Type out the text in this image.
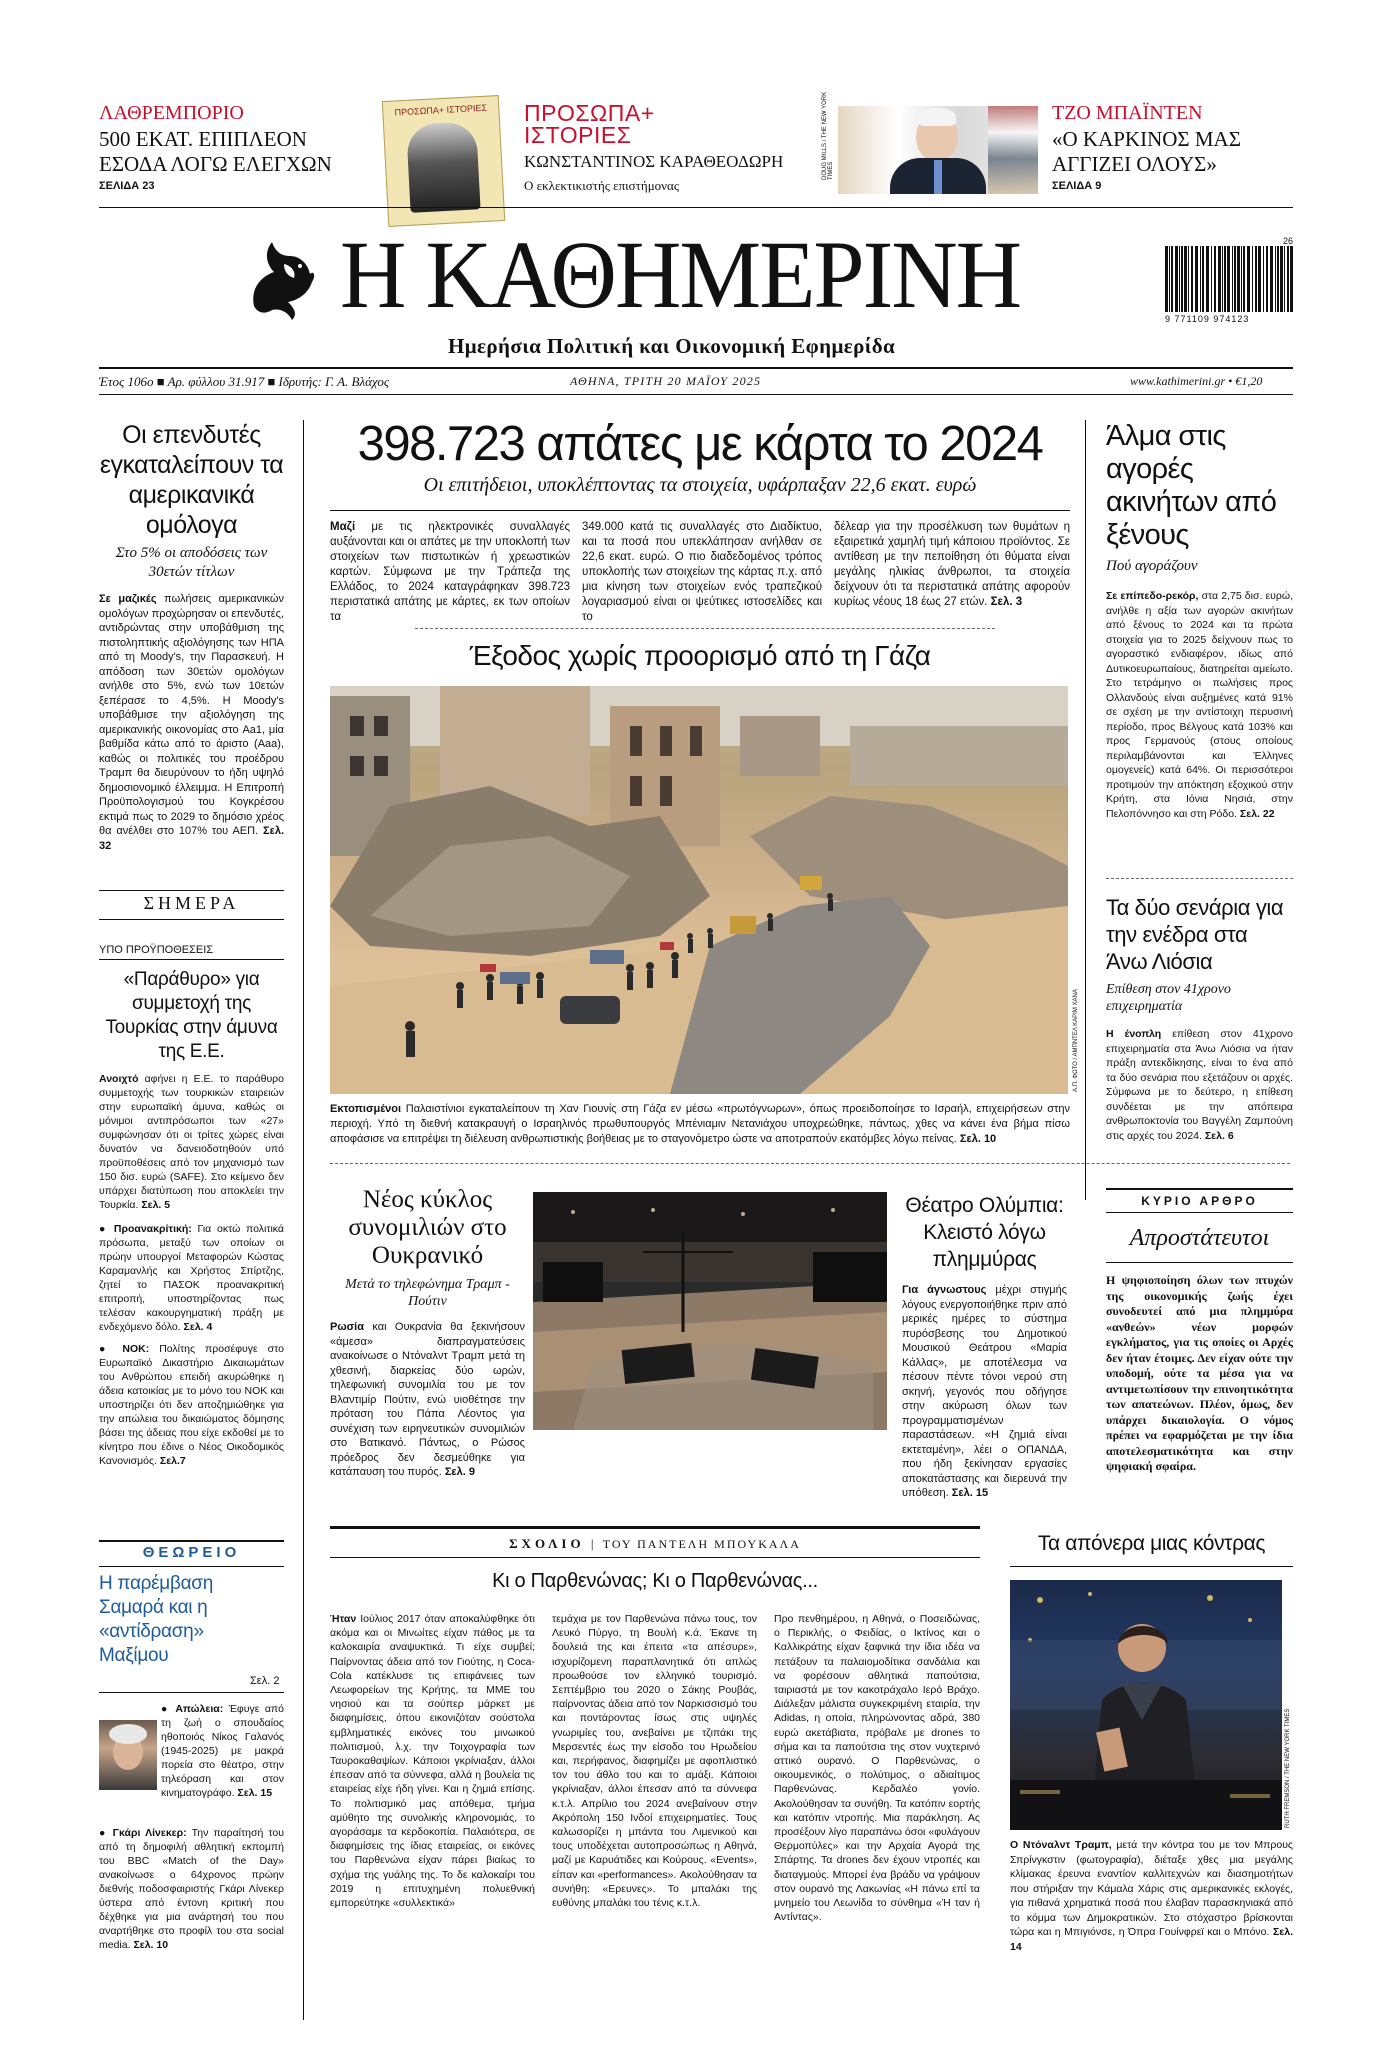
ΛΑΘΡΕΜΠΟΡΙΟ
500 ΕΚΑΤ. ΕΠΙΠΛΕΟΝ ΕΣΟΔΑ ΛΟΓΩ ΕΛΕΓΧΩΝ
ΣΕΛΙΔΑ 23
ΠΡΟΣΩΠΑ+ ΙΣΤΟΡΙΕΣ	ΠΡΟΣΩΠΑ+
ΙΣΤΟΡΙΕΣ
ΚΩΝΣΤΑΝΤΙΝΟΣ ΚΑΡΑΘΕΟΔΩΡΗ
Ο εκλεκτικιστής επιστήμονας
DOUG MILLS / THE NEW YORK TIMES
ΤΖΟ ΜΠΑΪΝΤΕΝ
«Ο ΚΑΡΚΙΝΟΣ ΜΑΣ ΑΓΓΙΖΕΙ ΟΛΟΥΣ»
ΣΕΛΙΔΑ 9
Η ΚΑΘΗΜΕΡΙΝΗ
Ημερήσια Πολιτική και Οικονομική Εφημερίδα
26
9 771109 974123
Έτος 106ο ■ Αρ. φύλλου 31.917 ■ Ιδρυτής: Γ. Α. Βλάχος	ΑΘΗΝΑ, ΤΡΙΤΗ 20 ΜΑΪΟΥ 2025	www.kathimerini.gr • €1,20
Οι επενδυτές εγκαταλείπουν τα αμερικανικά ομόλογα
Στο 5% οι αποδόσεις των 30ετών τίτλων
Σε μαζικές πωλήσεις αμερικανικών ομολόγων προχώρησαν οι επενδυτές, αντιδρώντας στην υποβάθμιση της πιστοληπτικής αξιολόγησης των ΗΠΑ από τη Moody's, την Παρασκευή. Η απόδοση των 30ετών ομολόγων ανήλθε στο 5%, ενώ των 10ετών ξεπέρασε το 4,5%. Η Moody's υποβάθμισε την αξιολόγηση της αμερικανικής οικονομίας στο Aa1, μία βαθμίδα κάτω από το άριστο (Aaa), καθώς οι πολιτικές του προέδρου Τραμπ θα διευρύνουν το ήδη υψηλό δημοσιονομικό έλλειμμα. Η Επιτροπή Προϋπολογισμού του Κογκρέσου εκτιμά πως το 2029 το δημόσιο χρέος θα ανέλθει στο 107% του ΑΕΠ. Σελ. 32
ΣΗΜΕΡΑ
ΥΠΟ ΠΡΟΫΠΟΘΕΣΕΙΣ
«Παράθυρο» για συμμετοχή της Τουρκίας στην άμυνα της Ε.Ε.
Ανοιχτό αφήνει η Ε.Ε. το παράθυρο συμμετοχής των τουρκικών εταιρειών στην ευρωπαϊκή άμυνα, καθώς οι μόνιμοι αντιπρόσωποι των «27» συμφώνησαν ότι οι τρίτες χώρες είναι δυνατόν να δανειοδοτηθούν υπό προϋποθέσεις από τον μηχανισμό των 150 δισ. ευρώ (SAFE). Στο κείμενο δεν υπάρχει διατύπωση που αποκλείει την Τουρκία. Σελ. 5
● Προανακρίτική: Για οκτώ πολιτικά πρόσωπα, μεταξύ των οποίων οι πρώην υπουργοί Μεταφορών Κώστας Καραμανλής και Χρήστος Σπίρτζης, ζητεί το ΠΑΣΟΚ προανακριτική επιτροπή, υποστηρίζοντας πως τελέσαν κακουργηματική πράξη με ενδεχόμενο δόλο. Σελ. 4
● ΝΟΚ: Πολίτης προσέφυγε στο Ευρωπαϊκό Δικαστήριο Δικαιωμάτων του Ανθρώπου επειδή ακυρώθηκε η άδεια κατοικίας με το μόνο του ΝΟΚ και υποστηρίζει ότι δεν αποζημιώθηκε για την απώλεια του δικαιώματος δόμησης βάσει της άδειας που είχε εκδοθεί με το κίνητρο που έδινε ο Νέος Οικοδομικός Κανονισμός. Σελ.7
ΘΕΩΡΕΙΟ
Η παρέμβαση Σαμαρά και η «αντίδραση» Μαξίμου
Σελ. 2
● Απώλεια: Έφυγε από τη ζωή ο σπουδαίος ηθοποιός Νίκος Γαλανός (1945-2025) με μακρά πορεία στο θέατρο, στην τηλεόραση και στον κινηματογράφο. Σελ. 15
● Γκάρι Λίνεκερ: Την παραίτησή του από τη δημοφιλή αθλητική εκπομπή του BBC «Match of the Day» ανακοίνωσε ο 64χρονος πρώην διεθνής ποδοσφαιριστής Γκάρι Λίνεκερ ύστερα από έντονη κριτική που δέχθηκε για μια ανάρτησή του που αναρτήθηκε στο προφίλ του στα social media. Σελ. 10
398.723 απάτες με κάρτα το 2024
Οι επιτήδειοι, υποκλέπτοντας τα στοιχεία, υφάρπαξαν 22,6 εκατ. ευρώ
Μαζί με τις ηλεκτρονικές συναλλαγές αυξάνονται και οι απάτες με την υποκλοπή των στοιχείων των πιστωτικών ή χρεωστικών καρτών. Σύμφωνα με την Τράπεζα της Ελλάδος, το 2024 καταγράφηκαν 398.723 περιστατικά απάτης με κάρτες, εκ των οποίων τα
349.000 κατά τις συναλλαγές στο Διαδίκτυο, και τα ποσά που υπεκλάπησαν ανήλθαν σε 22,6 εκατ. ευρώ. Ο πιο διαδεδομένος τρόπος υποκλοπής των στοιχείων της κάρτας π.χ. από μια κίνηση των στοιχείων ενός τραπεζικού λογαριασμού είναι οι ψεύτικες ιστοσελίδες και το
δέλεαρ για την προσέλκυση των θυμάτων η εξαιρετικά χαμηλή τιμή κάποιου προϊόντος. Σε αντίθεση με την πεποίθηση ότι θύματα είναι μεγάλης ηλικίας άνθρωποι, τα στοιχεία δείχνουν ότι τα περιστατικά απάτης αφορούν κυρίως νέους 18 έως 27 ετών. Σελ. 3
Έξοδος χωρίς προορισμό από τη Γάζα
Α.Π. ΦΩΤΟ / ΑΜΠΝΤΕΛ ΚΑΡΙΜ ΧΑΝΑ
Εκτοπισμένοι Παλαιστίνιοι εγκαταλείπουν τη Χαν Γιουνίς στη Γάζα εν μέσω «πρωτόγνωρων», όπως προειδοποίησε το Ισραήλ, επιχειρήσεων στην περιοχή. Υπό τη διεθνή κατακραυγή ο Ισραηλινός πρωθυπουργός Μπένιαμιν Νετανιάχου υποχρεώθηκε, πάντως, χθες να κάνει ένα βήμα πίσω αποφάσισε να επιτρέψει τη διέλευση ανθρωπιστικής βοήθειας με το σταγονόμετρο ώστε να αποτραπούν εκατόμβες λόγω πείνας. Σελ. 10
Άλμα στις αγορές ακινήτων από ξένους
Πού αγοράζουν
Σε επίπεδο-ρεκόρ, στα 2,75 δισ. ευρώ, ανήλθε η αξία των αγορών ακινήτων από ξένους το 2024 και τα πρώτα στοιχεία για το 2025 δείχνουν πως το αγοραστικό ενδιαφέρον, ιδίως από Δυτικοευρωπαίους, διατηρείται αμείωτο. Στο τετράμηνο οι πωλήσεις προς Ολλανδούς είναι αυξημένες κατά 91% σε σχέση με την αντίστοιχη περυσινή περίοδο, προς Βέλγους κατά 103% και προς Γερμανούς (στους οποίους περιλαμβάνονται και Έλληνες ομογενείς) κατά 64%. Οι περισσότεροι προτιμούν την απόκτηση εξοχικού στην Κρήτη, στα Ιόνια Νησιά, στην Πελοπόννησο και στη Ρόδο. Σελ. 22
Τα δύο σενάρια για την ενέδρα στα Άνω Λιόσια
Επίθεση στον 41χρονο επιχειρηματία
Η ένοπλη επίθεση στον 41χρονο επιχειρηματία στα Άνω Λιόσια να ήταν πράξη αντεκδίκησης, είναι το ένα από τα δύο σενάρια που εξετάζουν οι αρχές. Σύμφωνα με το δεύτερο, η επίθεση συνδέεται με την απόπειρα ανθρωποκτονία του Βαγγέλη Ζαμπούνη στις αρχές του 2024. Σελ. 6
ΚΥΡΙΟ ΑΡΘΡΟ
Απροστάτευτοι
Η ψηφιοποίηση όλων των πτυχών της οικονομικής ζωής έχει συνοδευτεί από μια πλημμύρα «ανθεών» νέων μορφών εγκλήματος, για τις οποίες οι Αρχές δεν ήταν έτοιμες. Δεν είχαν ούτε την υποδομή, ούτε τα μέσα για να αντιμετωπίσουν την επινοητικότητα των απατεώνων. Πλέον, όμως, δεν υπάρχει δικαιολογία. Ο νόμος πρέπει να εφαρμόζεται με την ίδια αποτελεσματικότητα και στην ψηφιακή σφαίρα.
Νέος κύκλος συνομιλιών στο Ουκρανικό
Μετά το τηλεφώνημα Τραμπ - Πούτιν
Ρωσία και Ουκρανία θα ξεκινήσουν «άμεσα» διαπραγματεύσεις ανακοίνωσε ο Ντόναλντ Τραμπ μετά τη χθεσινή, διαρκείας δύο ωρών, τηλεφωνική συνομιλία του με τον Βλαντιμίρ Πούτιν, ενώ υιοθέτησε την πρόταση του Πάπα Λέοντος για συνέχιση των ειρηνευτικών συνομιλιών στο Βατικανό. Πάντως, ο Ρώσος πρόεδρος δεν δεσμεύθηκε για κατάπαυση του πυρός. Σελ. 9
Θέατρο Ολύμπια: Κλειστό λόγω πλημμύρας
Για άγνωστους μέχρι στιγμής λόγους ενεργοποιήθηκε πριν από μερικές ημέρες το σύστημα πυρόσβεσης του Δημοτικού Μουσικού Θεάτρου «Μαρία Κάλλας», με αποτέλεσμα να πέσουν πέντε τόνοι νερού στη σκηνή, γεγονός που οδήγησε στην ακύρωση όλων των προγραμματισμένων παραστάσεων. «Η ζημιά είναι εκτεταμένη», λέει ο ΟΠΑΝΔΑ, που ήδη ξεκίνησαν εργασίες αποκατάστασης και διερευνά την υπόθεση. Σελ. 15
ΣΧΟΛΙΟ | ΤΟΥ ΠΑΝΤΕΛΗ ΜΠΟΥΚΑΛΑ
Κι ο Παρθενώνας; Κι ο Παρθενώνας...
Ήταν Ιούλιος 2017 όταν αποκαλύφθηκε ότι ακόμα και οι Μινωίτες είχαν πάθος με τα καλοκαιρία αναψυκτικά. Τι είχε συμβεί; Παίρνοντας άδεια από τον Γιούτης, η Coca-Cola κατέκλυσε τις επιφάνειες των Λεωφορείων της Κρήτης, τα ΜΜΕ του νησιού και τα σούπερ μάρκετ με διαφημίσεις, όπου εικονιζόταν σούστολα εμβληματικές εικόνες του μινωικού πολιτισμού, λ.χ. την Τοιχογραφία των Ταυροκαθαψίων. Κάποιοι γκρίνιαξαν, άλλοι έπεσαν από τα σύννεφα, αλλά η βουλεία τις εταιρείας είχε ήδη γίνει. Και η ζημιά επίσης. Το πολιτισμικό μας απόθεμα, τμήμα αμύθητο της συνολικής κληρονομιάς, το αγοράσαμε τα κερδοκοπία. Παλαιότερα, σε διαφημίσεις της ίδιας εταιρείας, οι εικόνες του Παρθενώνα είχαν πάρει βιαίως το σχήμα της γυάλης της. Το δε καλοκαίρι του 2019 η επιτυχημένη πολυεθνική εμπορεύτηκε «συλλεκτικά»
τεμάχια με τον Παρθενώνα πάνω τους, τον Λευκό Πύργο, τη Βουλή κ.ά. Έκανε τη δουλειά της και έπειτα «τα απέσυρε», ισχυρίζομενη παραπλανητικά ότι απλώς προωθούσε τον ελληνικό τουρισμό. Σεπτέμβριο του 2020 ο Σάκης Ρουβάς, παίρνοντας άδεια από τον Ναρκισσισμό του και ποντάροντας ίσως στις υψηλές γνωριμίες του, ανεβαίνει με τζιπάκι της Μερσεντές έως την είσοδο του Ηρωδείου και, περήφανος, διαφημίζει με αφοπλιστικό τον του άθλο του και το αμάξι. Κάποιοι γκρίνιαξαν, άλλοι έπεσαν από τα σύννεφα κ.τ.λ. Απρίλιο του 2024 ανεβαίνουν στην Ακρόπολη 150 Ινδοί επιχειρηματίες. Τους καλωσορίζει η μπάντα του Λιμενικού και τους υποδέχεται αυτοπροσώπως η Αθηνά, μαζί με Καρυάτιδες και Κούρους. «Events», είπαν και «performances». Ακολούθησαν τα συνήθη: «Ερευνες». Το μπαλάκι της ευθύνης μπαλάκι του τένις κ.τ.λ.
Προ πενθημέρου, η Αθηνά, ο Ποσειδώνας, ο Περικλής, ο Φειδίας, ο Ικτίνος και ο Καλλικράτης είχαν ξαφνικά την ίδια ιδέα να πετάξουν τα παλαιομοδίτικα σανδάλια και να φορέσουν αθλητικά παπούτσια, ταιριαστά με τον κακοτράχαλο Ιερό Βράχο. Διάλεξαν μάλιστα συγκεκριμένη εταιρία, την Adidas, η οποία, πληρώνοντας αδρά, 380 ευρώ ακετάβιατα, πρόβαλε με drones το σήμα και τα παπούτσια της στον νυχτερινό αττικό ουρανό. Ο Παρθενώνας, ο οικουμενικός, ο πολύτιμος, ο αδιαίτιμος Παρθενώνας. Κερδαλέο γονίο. Ακολούθησαν τα συνήθη. Τα κατόπιν εορτής και κατόπιν ντροπής. Μια παράκληση. Ας προσέξουν λίγο παραπάνω όσοι «φυλάγουν Θερμοπύλες» και την Αρχαία Αγορά της Σπάρτης. Τα drones δεν έχουν ντροπές και διαταγμούς. Μπορεί ένα βράδυ να γράψουν στον ουρανό της Λακωνίας «Η πάνω επί τα μνημείο του Λεωνίδα το σύνθημα «Ή ταν ή Αντίντας».
Τα απόνερα μιας κόντρας
RUTH FREMSON / THE NEW YORK TIMES
Ο Ντόναλντ Τραμπ, μετά την κόντρα του με τον Μπρους Σπρίνγκστιν (φωτογραφία), διέταξε χθες μια μεγάλης κλίμακας έρευνα εναντίον καλλιτεχνών και διασημοτήτων που στήριξαν την Κάμαλα Χάρις στις αμερικανικές εκλογές, για πιθανά χρηματικά ποσά που έλαβαν παρασκηνιακά από το κόμμα των Δημοκρατικών. Στο στόχαστρο βρίσκονται τώρα και η Μπιγιόνσε, η Όπρα Γουίνφρεϊ και ο Μπόνο. Σελ. 14
